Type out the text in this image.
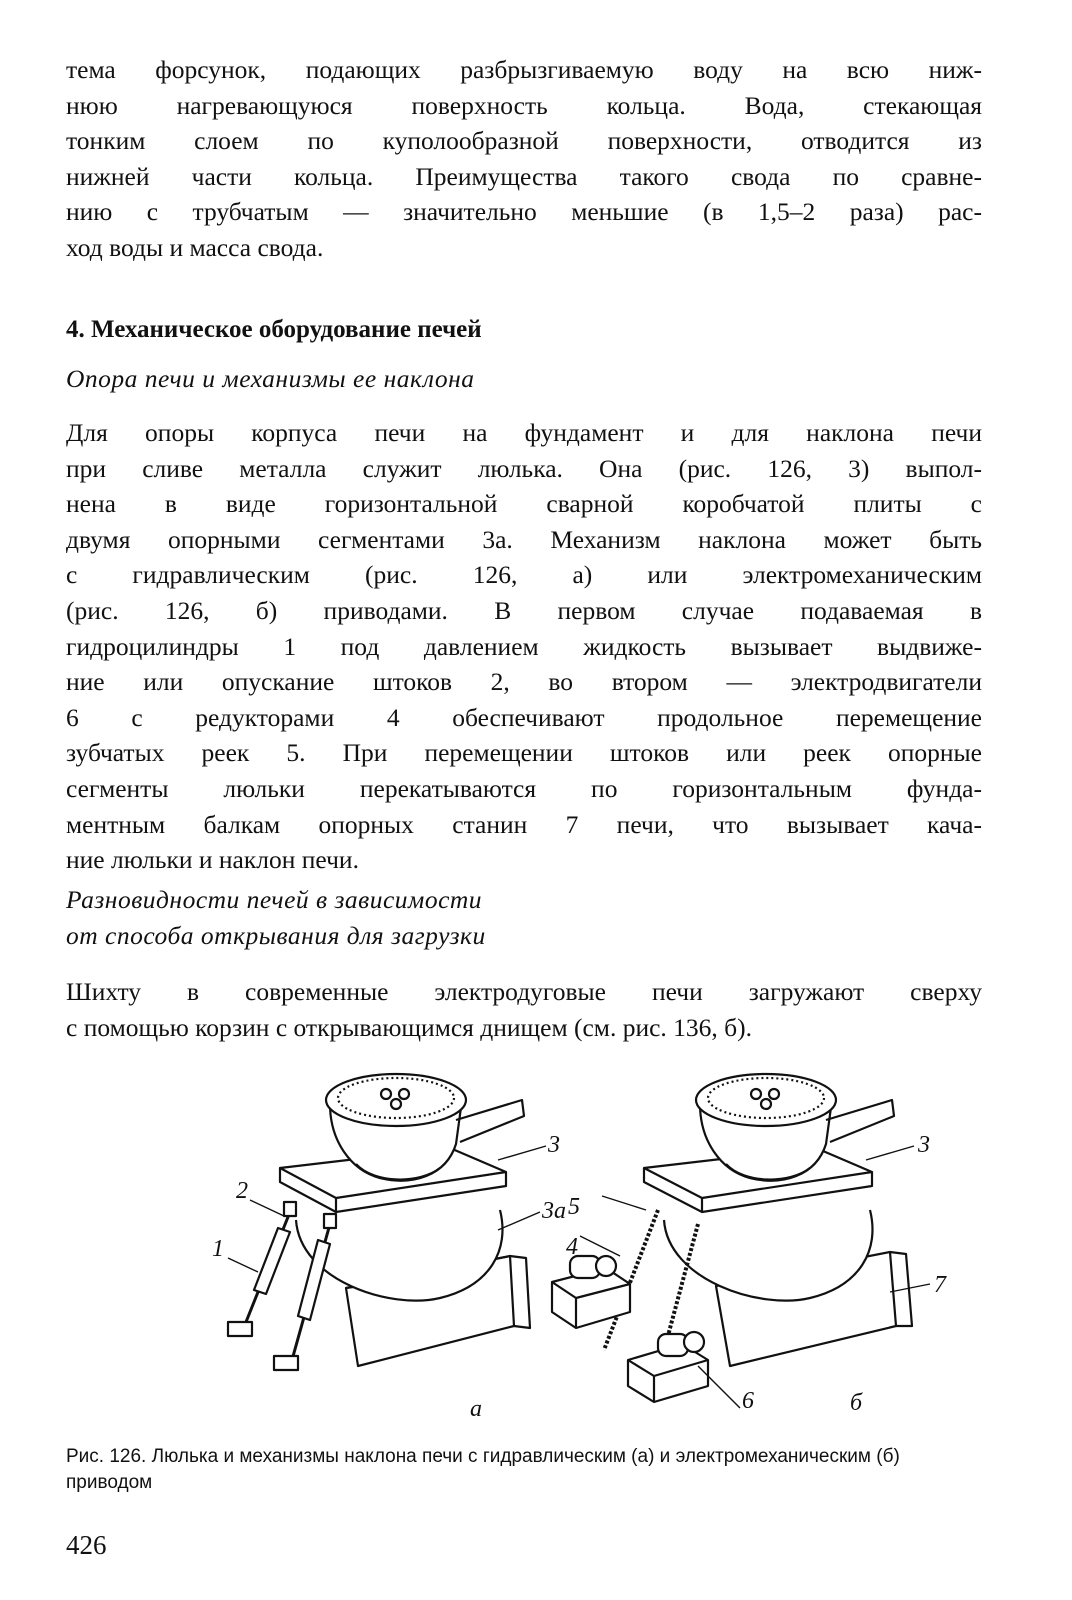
тема форсунок, подающих разбрызгиваемую воду на всю ниж-
нюю нагревающуюся поверхность кольца. Вода, стекающая
тонким слоем по куполообразной поверхности, отводится из
нижней части кольца. Преимущества такого свода по сравне-
нию с трубчатым — значительно меньшие (в 1,5–2 раза) рас-
ход воды и масса свода.

4. Механическое оборудование печей

Опора печи и механизмы ее наклона

Для опоры корпуса печи на фундамент и для наклона печи
при сливе металла служит люлька. Она (рис. 126, 3) выпол-
нена в виде горизонтальной сварной коробчатой плиты с
двумя опорными сегментами 3а. Механизм наклона может быть
с гидравлическим (рис. 126, а) или электромеханическим
(рис. 126, б) приводами. В первом случае подаваемая в
гидроцилиндры 1 под давлением жидкость вызывает выдвиже-
ние или опускание штоков 2, во втором — электродвигатели
6 с редукторами 4 обеспечивают продольное перемещение
зубчатых реек 5. При перемещении штоков или реек опорные
сегменты люльки перекатываются по горизонтальным фунда-
ментным балкам опорных станин 7 печи, что вызывает кача-
ние люльки и наклон печи.
Разновидности печей в зависимости
от способа открывания для загрузки
Шихту в современные электродуговые печи загружают сверху
с помощью корзин с открывающимся днищем (см. рис. 136, б).
2
1
3
3а 5
4
3
7
6
а	б

Рис. 126. Люлька и механизмы наклона печи с гидравлическим (а) и электромеханическим (б) приводом

426
